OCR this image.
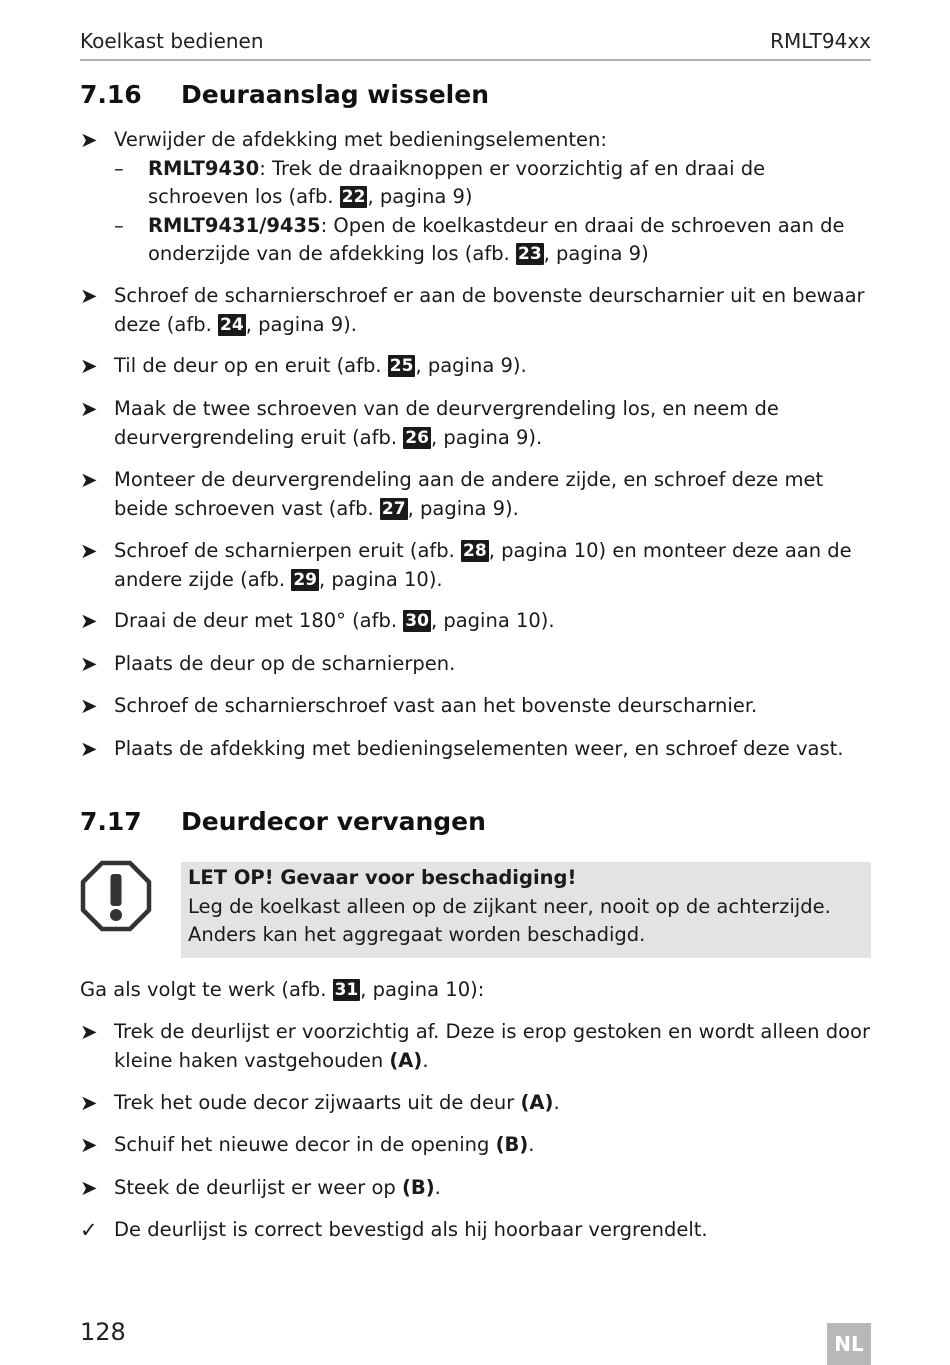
Koelkast bedienen	RMLT94xx
7.16 Deuraanslag wisselen
➤ Verwijder de afdekking met bedieningselementen:
– RMLT9430: Trek de draaiknoppen er voorzichtig af en draai de schroeven los (afb. 22 , pagina 9)
– RMLT9431/9435: Open de koelkastdeur en draai de schroeven aan de onderzijde van de afdekking los (afb. 23 , pagina 9)
➤ Schroef de scharnierschroef er aan de bovenste deurscharnier uit en bewaar deze (afb. 24 , pagina 9).
➤ Til de deur op en eruit (afb. 25 , pagina 9).
➤ Maak de twee schroeven van de deurvergrendeling los, en neem de deurvergrendeling eruit (afb. 26 , pagina 9).
➤ Monteer de deurvergrendeling aan de andere zijde, en schroef deze met beide schroeven vast (afb. 27 , pagina 9).
➤ Schroef de scharnierpen eruit (afb. 28 , pagina 10) en monteer deze aan de andere zijde (afb. 29 , pagina 10).
➤ Draai de deur met 180° (afb. 30 , pagina 10).
➤ Plaats de deur op de scharnierpen.
➤ Schroef de scharnierschroef vast aan het bovenste deurscharnier.
➤ Plaats de afdekking met bedieningselementen weer, en schroef deze vast.
7.17 Deurdecor vervangen
LET OP! Gevaar voor beschadiging!
Leg de koelkast alleen op de zijkant neer, nooit op de achterzijde. Anders kan het aggregaat worden beschadigd.
Ga als volgt te werk (afb. 31 , pagina 10):
➤ Trek de deurlijst er voorzichtig af. Deze is erop gestoken en wordt alleen door kleine haken vastgehouden (A).
➤ Trek het oude decor zijwaarts uit de deur (A).
➤ Schuif het nieuwe decor in de opening (B).
➤ Steek de deurlijst er weer op (B).
✓ De deurlijst is correct bevestigd als hij hoorbaar vergrendelt.
128	NL
